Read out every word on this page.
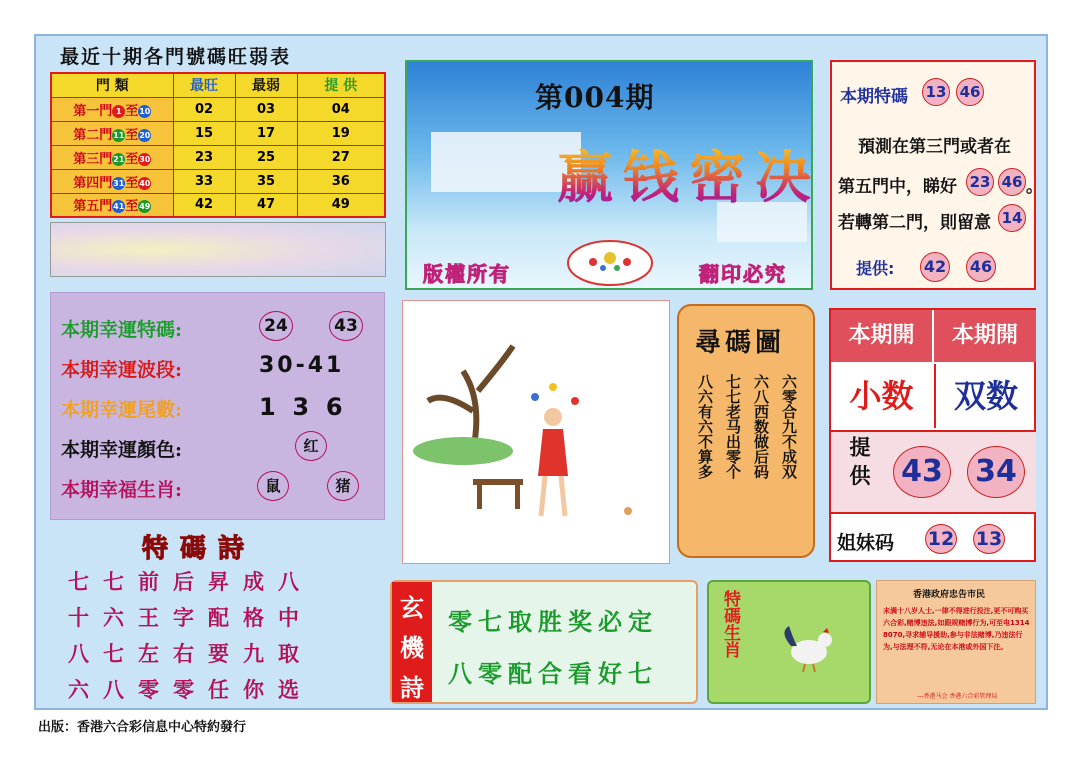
最近十期各門號碼旺弱表
門 類	最旺	最弱	提 供
第一門 1 至10	02	03	04
第二門11至20	15	17	19
第三門21至30	23	25	27
第四門31至40	33	35	36
第五門41至49	42	47	49
第004期
赢钱密决
版權所有	翻印必究
本期特碼 13 46
預測在第三門或者在
第五門中，睇好 23 46 。
若轉第二門，則留意 14
提供: 42 46
本期幸運特碼:	24	43
本期幸運波段:	30-41
本期幸運尾數:	1  3  6
本期幸運顏色:	红
本期幸福生肖:	鼠	猪
特碼詩
七七前后昇成八
十六王字配格中
八七左右要九取
六八零零任你选
尋碼圖
六零合九不成双
六八西数做后码
七七老马出零个
八六有六不算多
本期開	本期開
小数	双数
提 供 43 34
姐妹码 12 13
玄
機
詩
零七取胜奖必定
八零配合看好七
特碼生肖	香港政府忠告市民
未满十八岁人士,一律不得进行投注,更不可购买六合彩,赌博违法,如跟规赌博行为,可至电1314 8070,寻求辅导援助,参与非法赌博,乃违法行为,与法理不符,无论在本港或外国下注。
---香港马会 香港六合彩管理局
出版：香港六合彩信息中心特約發行
